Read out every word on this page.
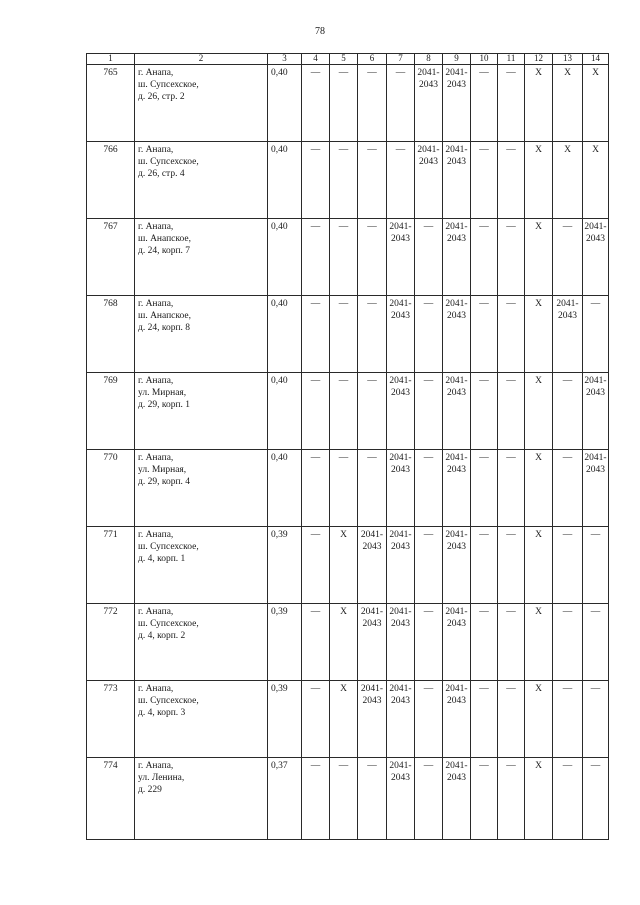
78
1	2	3	4	5	6	7	8	9	10	11	12	13	14
765	г. Анапа,
ш. Супсехское,
д. 26, стр. 2	0,40	—	—	—	—	2041-
2043	2041-
2043	—	—	X	X	X
766	г. Анапа,
ш. Супсехское,
д. 26, стр. 4	0,40	—	—	—	—	2041-
2043	2041-
2043	—	—	X	X	X
767	г. Анапа,
ш. Анапское,
д. 24, корп. 7	0,40	—	—	—	2041-
2043	—	2041-
2043	—	—	X	—	2041-
2043
768	г. Анапа,
ш. Анапское,
д. 24, корп. 8	0,40	—	—	—	2041-
2043	—	2041-
2043	—	—	X	2041-
2043	—
769	г. Анапа,
ул. Мирная,
д. 29, корп. 1	0,40	—	—	—	2041-
2043	—	2041-
2043	—	—	X	—	2041-
2043
770	г. Анапа,
ул. Мирная,
д. 29, корп. 4	0,40	—	—	—	2041-
2043	—	2041-
2043	—	—	X	—	2041-
2043
771	г. Анапа,
ш. Супсехское,
д. 4, корп. 1	0,39	—	X	2041-
2043	2041-
2043	—	2041-
2043	—	—	X	—	—
772	г. Анапа,
ш. Супсехское,
д. 4, корп. 2	0,39	—	X	2041-
2043	2041-
2043	—	2041-
2043	—	—	X	—	—
773	г. Анапа,
ш. Супсехское,
д. 4, корп. 3	0,39	—	X	2041-
2043	2041-
2043	—	2041-
2043	—	—	X	—	—
774	г. Анапа,
ул. Ленина,
д. 229	0,37	—	—	—	2041-
2043	—	2041-
2043	—	—	X	—	—
